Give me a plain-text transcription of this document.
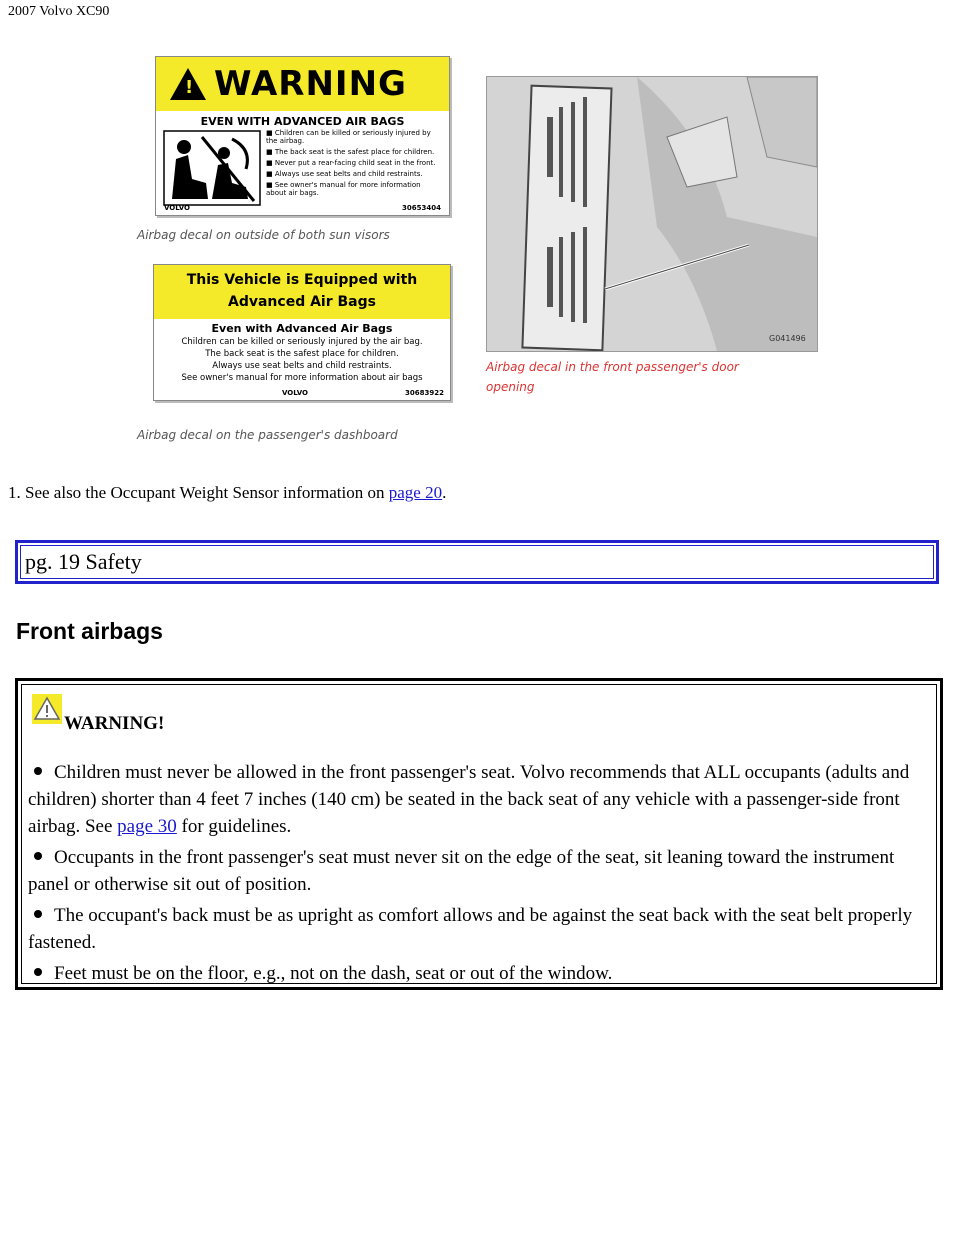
2007 Volvo XC90
! WARNING
EVEN WITH ADVANCED AIR BAGS
■ Children can be killed or seriously injured by the airbag.
■ The back seat is the safest place for children.
■ Never put a rear-facing child seat in the front.
■ Always use seat belts and child restraints.
■ See owner's manual for more information about air bags.
VOLVO	30653404
Airbag decal on outside of both sun visors
This Vehicle is Equipped with
Advanced Air Bags
Even with Advanced Air Bags
Children can be killed or seriously injured by the air bag.
The back seat is the safest place for children.
Always use seat belts and child restraints.
See owner's manual for more information about air bags
VOLVO	30683922
Airbag decal on the passenger's dashboard
G041496
Airbag decal in the front passenger's door
opening
1. See also the Occupant Weight Sensor information on page 20.
pg. 19 Safety
Front airbags
WARNING!
Children must never be allowed in the front passenger's seat. Volvo recommends that ALL occupants (adults and children) shorter than 4 feet 7 inches (140 cm) be seated in the back seat of any vehicle with a passenger-side front airbag. See page 30 for guidelines.
Occupants in the front passenger's seat must never sit on the edge of the seat, sit leaning toward the instrument panel or otherwise sit out of position.
The occupant's back must be as upright as comfort allows and be against the seat back with the seat belt properly fastened.
Feet must be on the floor, e.g., not on the dash, seat or out of the window.
